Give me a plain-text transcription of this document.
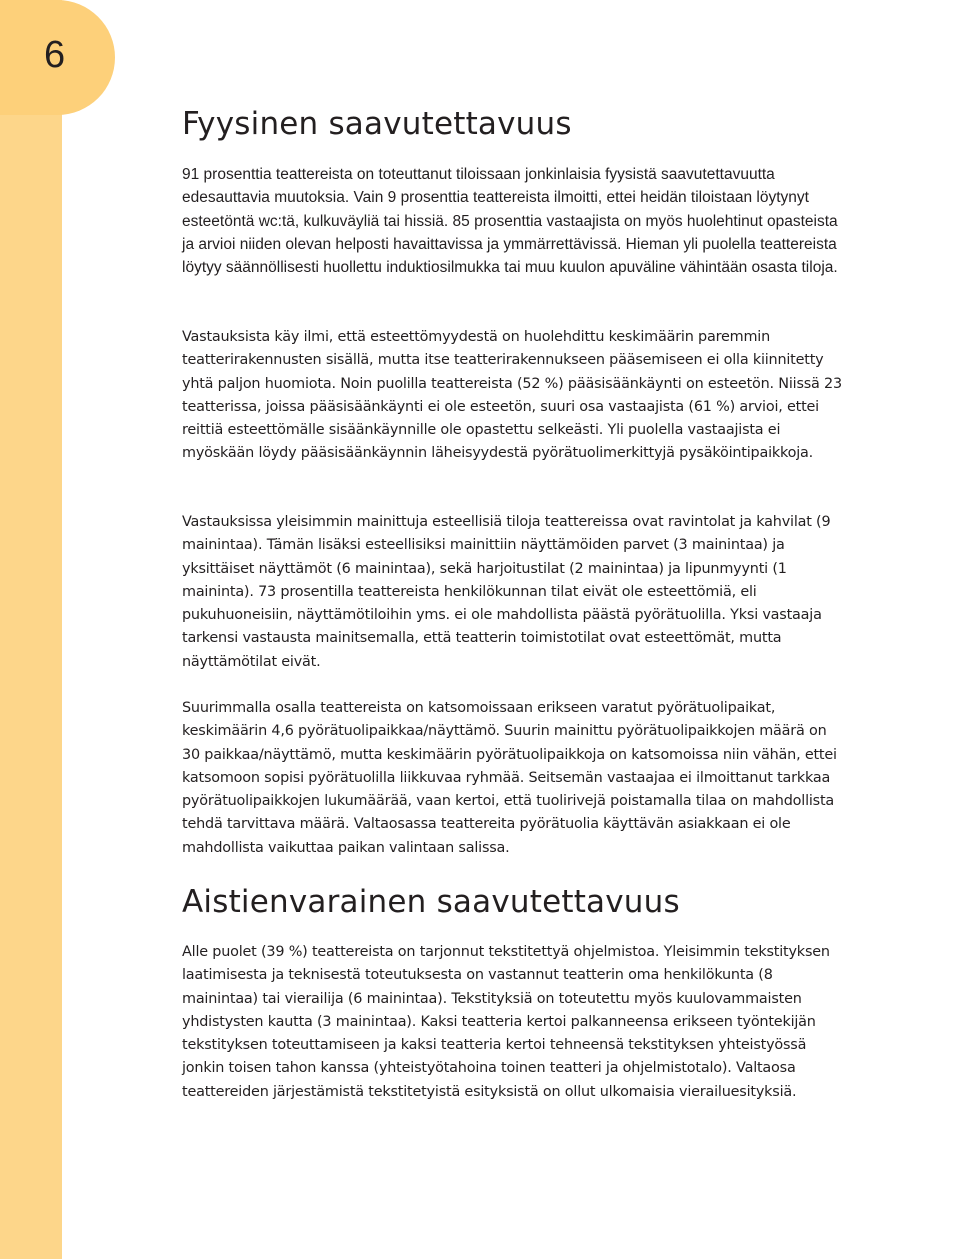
6
Fyysinen saavutettavuus

91 prosenttia teattereista on toteuttanut tiloissaan jonkinlaisia fyysistä saavutettavuutta edesauttavia muutoksia. Vain 9 prosenttia teattereista ilmoitti, ettei heidän tiloistaan löytynyt esteetöntä wc:tä, kulkuväyliä tai hissiä. 85 prosenttia vastaajista on myös huolehtinut opasteista ja arvioi niiden olevan helposti havaittavissa ja ymmärrettävissä. Hieman yli puolella teattereista löytyy säännöllisesti huollettu induktiosilmukka tai muu kuulon apuväline vähintään osasta tiloja.

Vastauksista käy ilmi, että esteettömyydestä on huolehdittu keskimäärin paremmin teatterirakennusten sisällä, mutta itse teatterirakennukseen pääsemiseen ei olla kiinnitetty yhtä paljon huomiota. Noin puolilla teattereista (52 %) pääsisäänkäynti on esteetön. Niissä 23 teatterissa, joissa pääsisäänkäynti ei ole esteetön, suuri osa vastaajista (61 %) arvioi, ettei reittiä esteettömälle sisäänkäynnille ole opastettu selkeästi. Yli puolella vastaajista ei myöskään löydy pääsisäänkäynnin läheisyydestä pyörätuolimerkittyjä pysäköintipaikkoja.

Vastauksissa yleisimmin mainittuja esteellisiä tiloja teattereissa ovat ravintolat ja kahvilat (9 mainintaa). Tämän lisäksi esteellisiksi mainittiin näyttämöiden parvet (3 mainintaa) ja yksittäiset näyttämöt (6 mainintaa), sekä harjoitustilat (2 mainintaa) ja lipunmyynti (1 maininta). 73 prosentilla teattereista henkilökunnan tilat eivät ole esteettömiä, eli pukuhuoneisiin, näyttämötiloihin yms. ei ole mahdollista päästä pyörätuolilla. Yksi vastaaja tarkensi vastausta mainitsemalla, että teatterin toimistotilat ovat esteettömät, mutta näyttämötilat eivät.

Suurimmalla osalla teattereista on katsomoissaan erikseen varatut pyörätuolipaikat, keskimäärin 4,6 pyörätuolipaikkaa/näyttämö. Suurin mainittu pyörätuolipaikkojen määrä on 30 paikkaa/näyttämö, mutta keskimäärin pyörätuolipaikkoja on katsomoissa niin vähän, ettei katsomoon sopisi pyörätuolilla liikkuvaa ryhmää. Seitsemän vastaajaa ei ilmoittanut tarkkaa pyörätuolipaikkojen lukumäärää, vaan kertoi, että tuolirivejä poistamalla tilaa on mahdollista tehdä tarvittava määrä. Valtaosassa teattereita pyörätuolia käyttävän asiakkaan ei ole mahdollista vaikuttaa paikan valintaan salissa.

Aistienvarainen saavutettavuus

Alle puolet (39 %) teattereista on tarjonnut tekstitettyä ohjelmistoa. Yleisimmin tekstityksen laatimisesta ja teknisestä toteutuksesta on vastannut teatterin oma henkilökunta (8 mainintaa) tai vierailija (6 mainintaa). Tekstityksiä on toteutettu myös kuulovammaisten yhdistysten kautta (3 mainintaa). Kaksi teatteria kertoi palkanneensa erikseen työntekijän tekstityksen toteuttamiseen ja kaksi teatteria kertoi tehneensä tekstityksen yhteistyössä jonkin toisen tahon kanssa (yhteistyötahoina toinen teatteri ja ohjelmistotalo). Valtaosa teattereiden järjestämistä tekstitetyistä esityksistä on ollut ulkomaisia vierailuesityksiä.
